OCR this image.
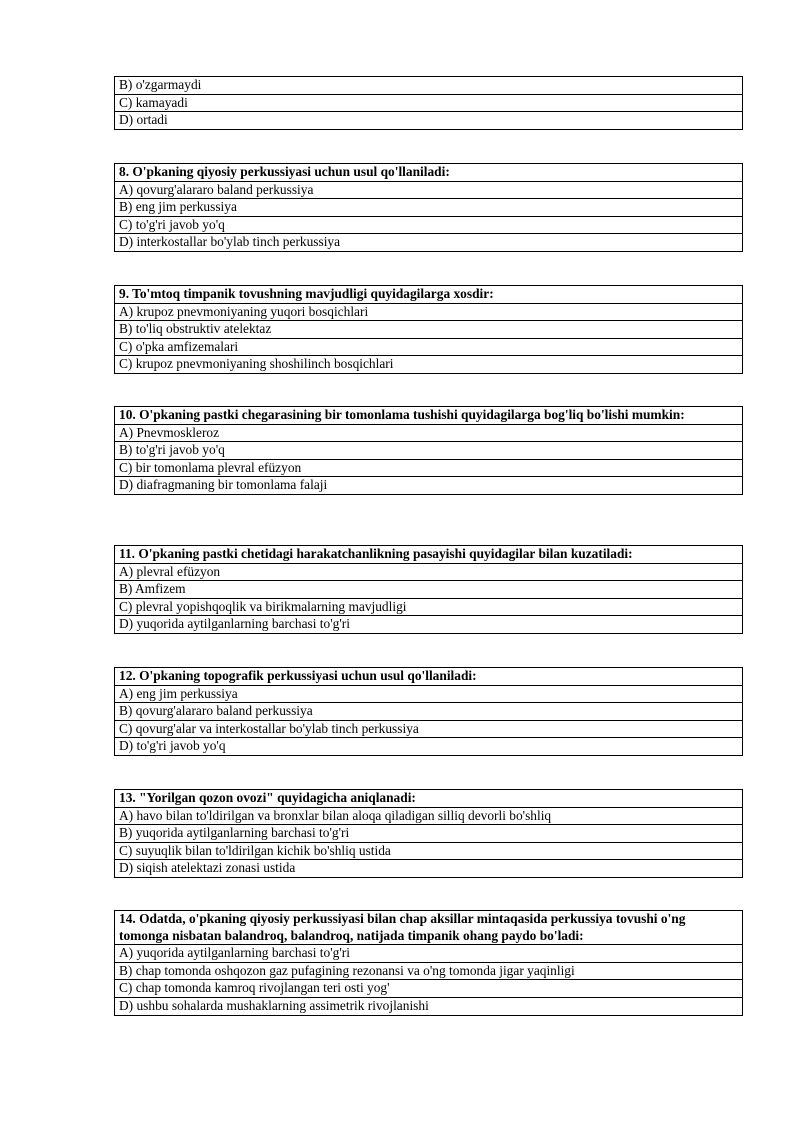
B) o'zgarmaydi
C) kamayadi
D) ortadi
8. O'pkaning qiyosiy perkussiyasi uchun usul qo'llaniladi:
A) qovurg'alararo baland perkussiya
B) eng jim perkussiya
C) to'g'ri javob yo'q
D) interkostallar bo'ylab tinch perkussiya
9. To'mtoq timpanik tovushning mavjudligi quyidagilarga xosdir:
A) krupoz pnevmoniyaning yuqori bosqichlari
B) to'liq obstruktiv atelektaz
C) o'pka amfizemalari
C) krupoz pnevmoniyaning shoshilinch bosqichlari
10. O'pkaning pastki chegarasining bir tomonlama tushishi quyidagilarga bog'liq bo'lishi mumkin:
A) Pnevmoskleroz
B) to'g'ri javob yo'q
C) bir tomonlama plevral efüzyon
D) diafragmaning bir tomonlama falaji
11. O'pkaning pastki chetidagi harakatchanlikning pasayishi quyidagilar bilan kuzatiladi:
A) plevral efüzyon
B) Amfizem
C) plevral yopishqoqlik va birikmalarning mavjudligi
D) yuqorida aytilganlarning barchasi to'g'ri
12. O'pkaning topografik perkussiyasi uchun usul qo'llaniladi:
A) eng jim perkussiya
B) qovurg'alararo baland perkussiya
C) qovurg'alar va interkostallar bo'ylab tinch perkussiya
D) to'g'ri javob yo'q
13. "Yorilgan qozon ovozi" quyidagicha aniqlanadi:
A) havo bilan to'ldirilgan va bronxlar bilan aloqa qiladigan silliq devorli bo'shliq
B) yuqorida aytilganlarning barchasi to'g'ri
C) suyuqlik bilan to'ldirilgan kichik bo'shliq ustida
D) siqish atelektazi zonasi ustida
14. Odatda, o'pkaning qiyosiy perkussiyasi bilan chap aksillar mintaqasida perkussiya tovushi o'ng tomonga nisbatan balandroq, balandroq, natijada timpanik ohang paydo bo'ladi:
A) yuqorida aytilganlarning barchasi to'g'ri
B) chap tomonda oshqozon gaz pufagining rezonansi va o'ng tomonda jigar yaqinligi
C) chap tomonda kamroq rivojlangan teri osti yog'
D) ushbu sohalarda mushaklarning assimetrik rivojlanishi
